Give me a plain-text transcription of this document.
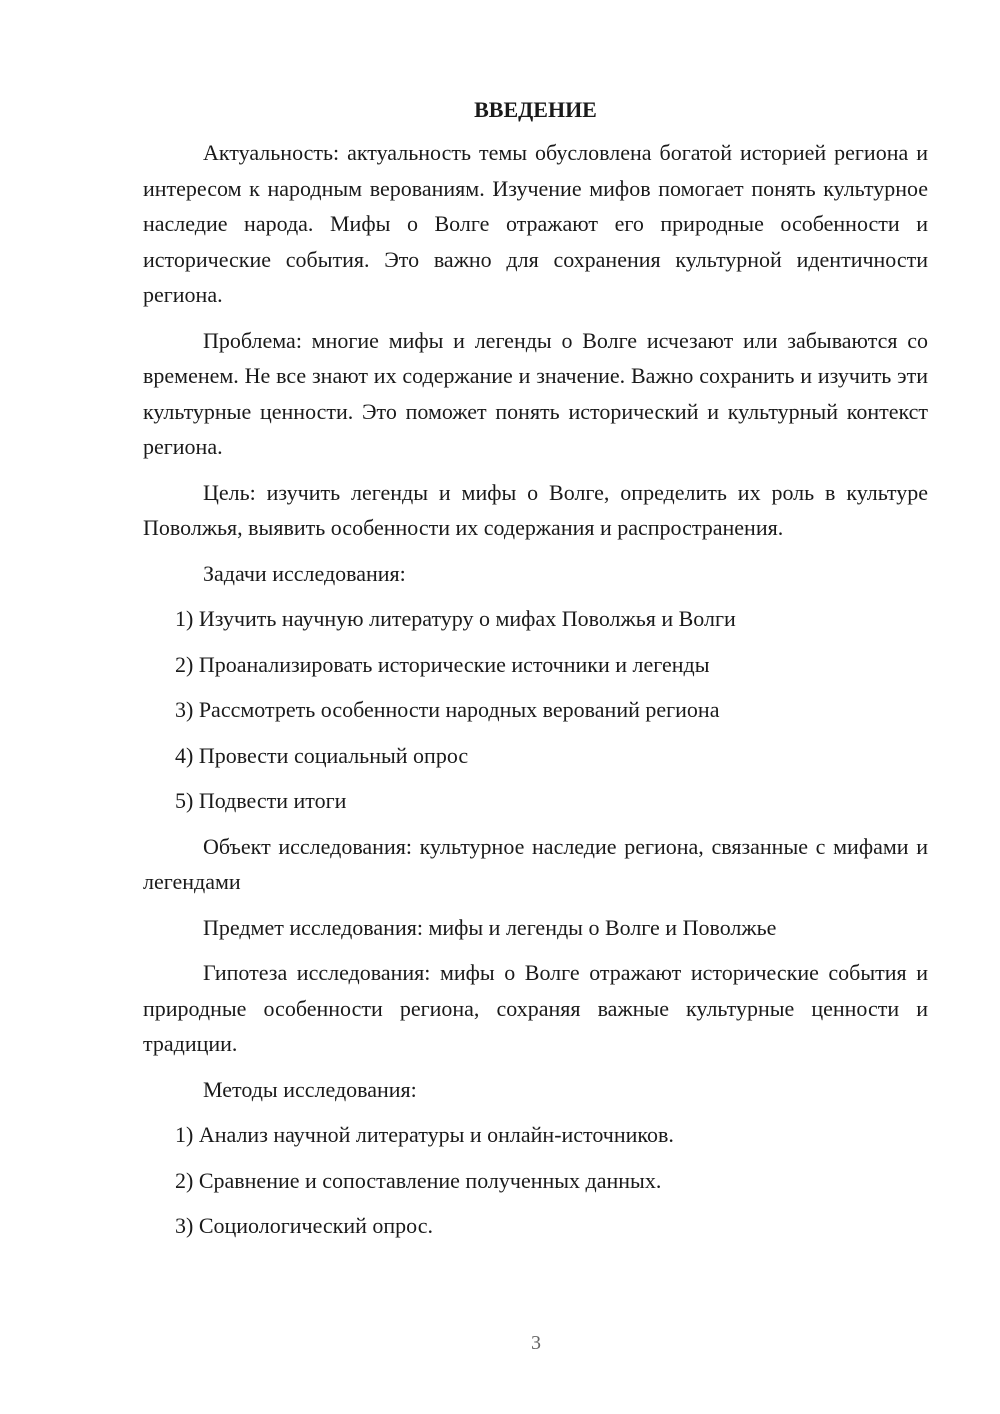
ВВЕДЕНИЕ

Актуальность: актуальность темы обусловлена богатой историей региона и интересом к народным верованиям. Изучение мифов помогает понять культурное наследие народа. Мифы о Волге отражают его природные особенности и исторические события. Это важно для сохранения культурной идентичности региона.

Проблема: многие мифы и легенды о Волге исчезают или забываются со временем. Не все знают их содержание и значение. Важно сохранить и изучить эти культурные ценности. Это поможет понять исторический и культурный контекст региона.

Цель: изучить легенды и мифы о Волге, определить их роль в культуре Поволжья, выявить особенности их содержания и распространения.

Задачи исследования:

1) Изучить научную литературу о мифах Поволжья и Волги
2) Проанализировать исторические источники и легенды
3) Рассмотреть особенности народных верований региона
4) Провести социальный опрос
5) Подвести итоги

Объект исследования: культурное наследие региона, связанные с мифами и легендами

Предмет исследования: мифы и легенды о Волге и Поволжье

Гипотеза исследования: мифы о Волге отражают исторические события и природные особенности региона, сохраняя важные культурные ценности и традиции.

Методы исследования:

1) Анализ научной литературы и онлайн-источников.
2) Сравнение и сопоставление полученных данных.
3) Социологический опрос.
3
